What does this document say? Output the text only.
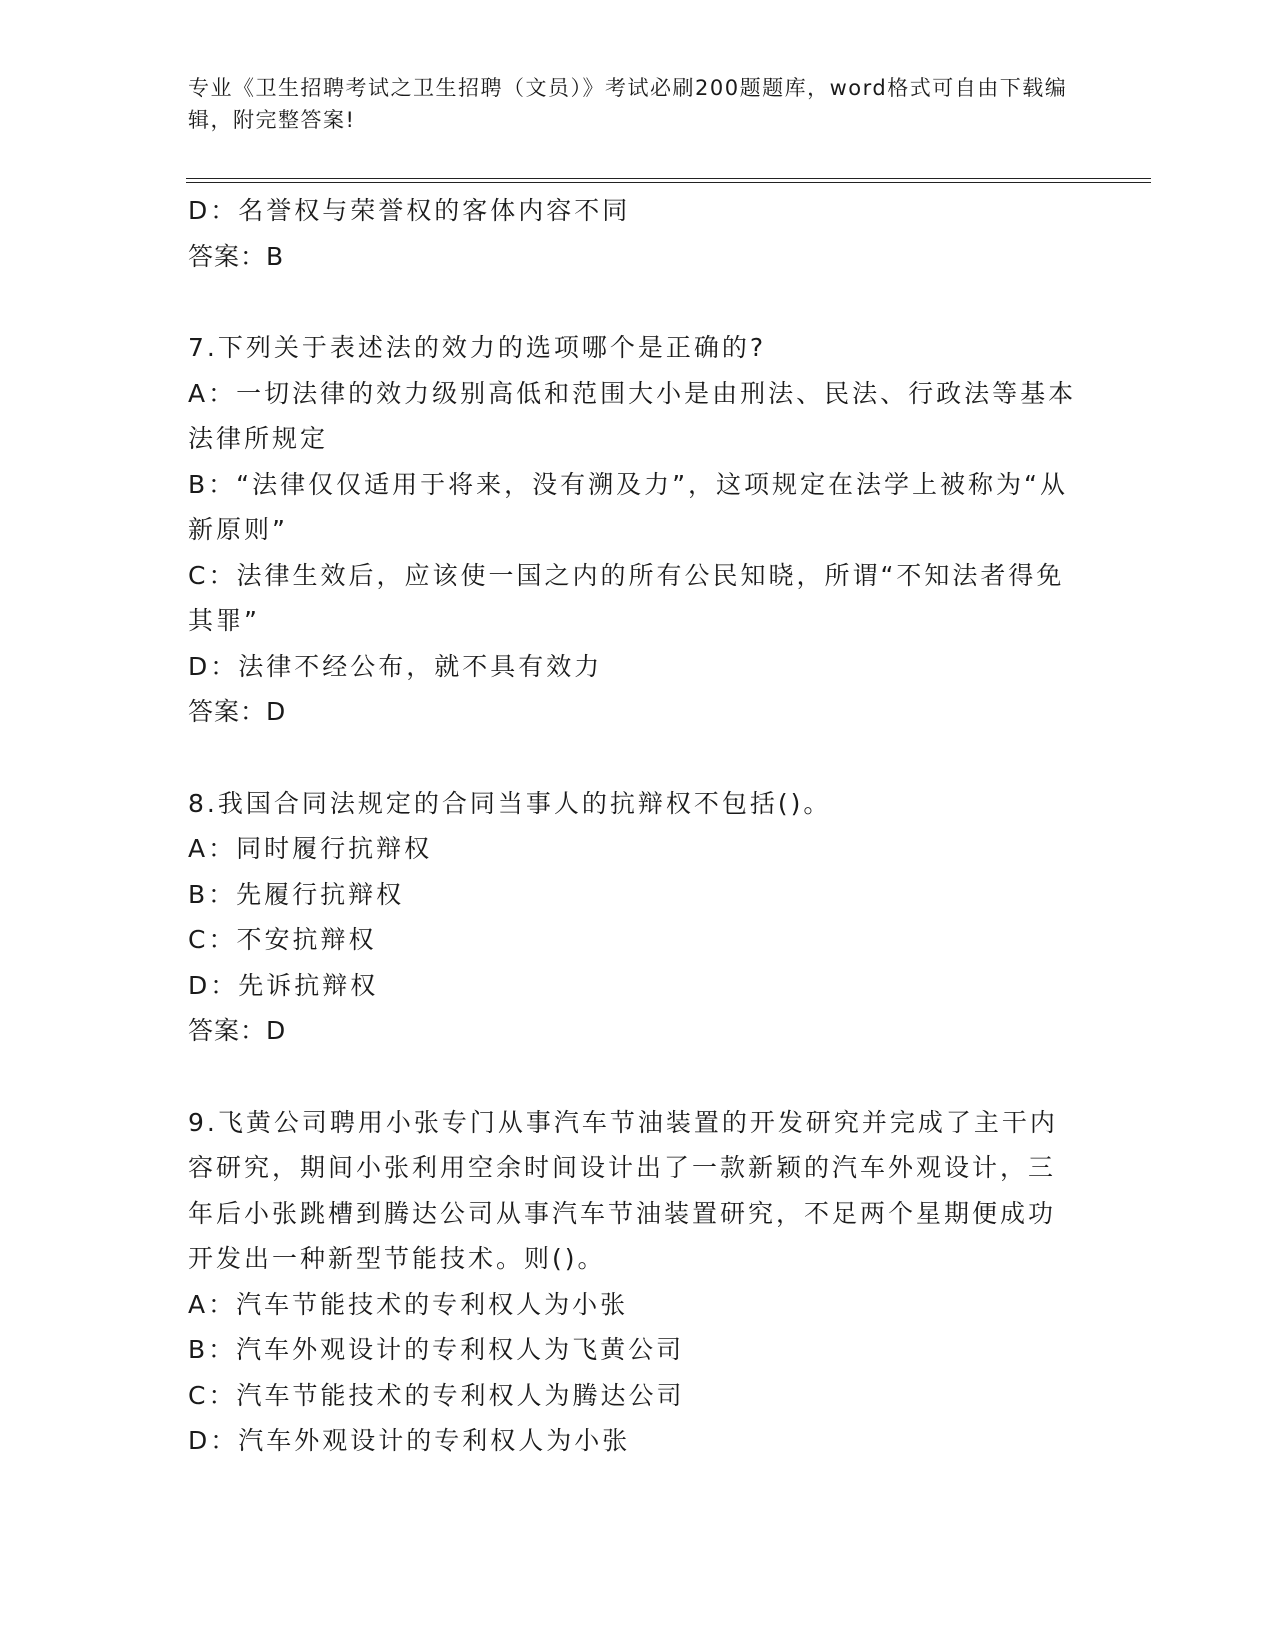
专业《卫生招聘考试之卫生招聘（文员）》考试必刷200题题库，word格式可自由下载编辑，附完整答案!

D：名誉权与荣誉权的客体内容不同

答案：B

7.下列关于表述法的效力的选项哪个是正确的?

A：一切法律的效力级别高低和范围大小是由刑法、民法、行政法等基本法律所规定

B：“法律仅仅适用于将来，没有溯及力”，这项规定在法学上被称为“从新原则”

C：法律生效后，应该使一国之内的所有公民知晓，所谓“不知法者得免其罪”

D：法律不经公布，就不具有效力

答案：D

8.我国合同法规定的合同当事人的抗辩权不包括()。

A：同时履行抗辩权

B：先履行抗辩权

C：不安抗辩权

D：先诉抗辩权

答案：D

9.飞黄公司聘用小张专门从事汽车节油装置的开发研究并完成了主干内容研究，期间小张利用空余时间设计出了一款新颖的汽车外观设计，三年后小张跳槽到腾达公司从事汽车节油装置研究，不足两个星期便成功开发出一种新型节能技术。则()。

A：汽车节能技术的专利权人为小张

B：汽车外观设计的专利权人为飞黄公司

C：汽车节能技术的专利权人为腾达公司

D：汽车外观设计的专利权人为小张
